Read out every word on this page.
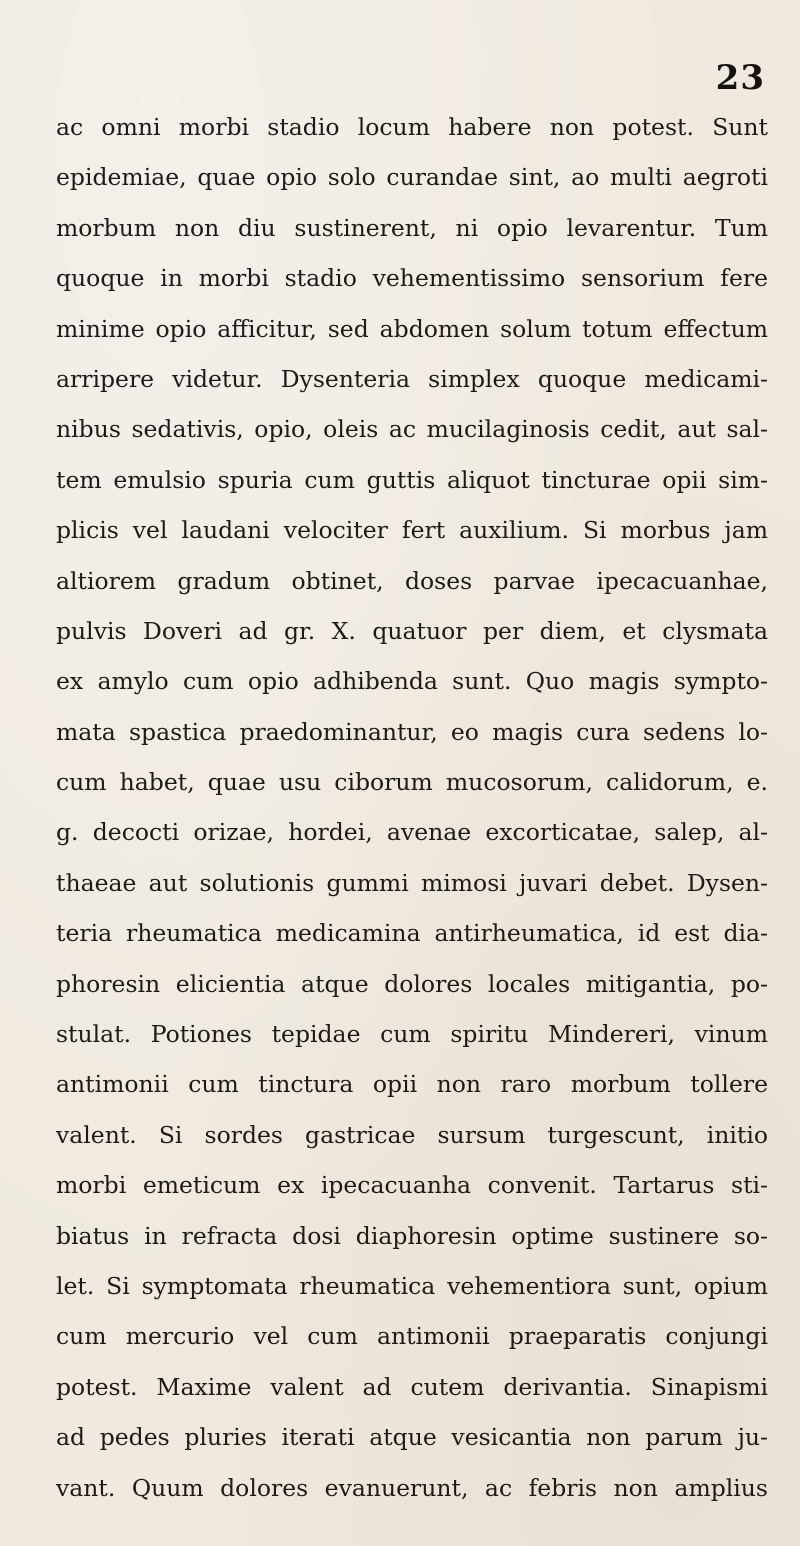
23
ac omni morbi stadio locum habere non potest. Sunt
epidemiae, quae opio solo curandae sint, ao multi aegroti
morbum non diu sustinerent, ni opio levarentur. Tum
quoque in morbi stadio vehementissimo sensorium fere
minime opio afficitur, sed abdomen solum totum effectum
arripere videtur. Dysenteria simplex quoque medicami-
nibus sedativis, opio, oleis ac mucilaginosis cedit, aut sal-
tem emulsio spuria cum guttis aliquot tincturae opii sim-
plicis vel laudani velociter fert auxilium. Si morbus jam
altiorem gradum obtinet, doses parvae ipecacuanhae,
pulvis Doveri ad gr. X. quatuor per diem, et clysmata
ex amylo cum opio adhibenda sunt. Quo magis sympto-
mata spastica praedominantur, eo magis cura sedens lo-
cum habet, quae usu ciborum mucosorum, calidorum, e.
g. decocti orizae, hordei, avenae excorticatae, salep, al-
thaeae aut solutionis gummi mimosi juvari debet. Dysen-
teria rheumatica medicamina antirheumatica, id est dia-
phoresin elicientia atque dolores locales mitigantia, po-
stulat. Potiones tepidae cum spiritu Mindereri, vinum
antimonii cum tinctura opii non raro morbum tollere
valent. Si sordes gastricae sursum turgescunt, initio
morbi emeticum ex ipecacuanha convenit. Tartarus sti-
biatus in refracta dosi diaphoresin optime sustinere so-
let. Si symptomata rheumatica vehementiora sunt, opium
cum mercurio vel cum antimonii praeparatis conjungi
potest. Maxime valent ad cutem derivantia. Sinapismi
ad pedes pluries iterati atque vesicantia non parum ju-
vant. Quum dolores evanuerunt, ac febris non amplius
